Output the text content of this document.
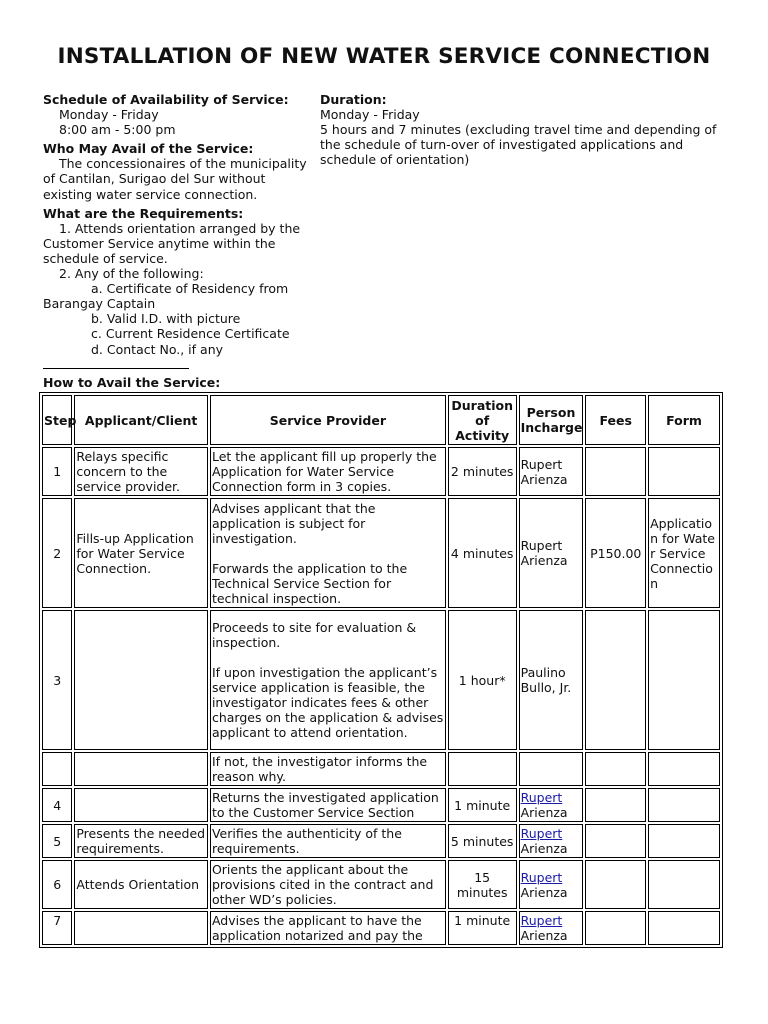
INSTALLATION OF NEW WATER SERVICE CONNECTION
Schedule of Availability of Service:
Monday - Friday
8:00 am - 5:00 pm
Who May Avail of the Service:
The concessionaires of the municipality of Cantilan, Surigao del Sur without existing water service connection.
What are the Requirements:
1. Attends orientation arranged by the Customer Service anytime within the schedule of service.
2. Any of the following:
a. Certificate of Residency from Barangay Captain
b. Valid I.D. with picture
c. Current Residence Certificate
d. Contact No., if any
Duration:
Monday - Friday
5 hours and 7 minutes (excluding travel time and depending of the schedule of turn-over of investigated applications and schedule of orientation)
How to Avail the Service:
Step	Applicant/Client	Service Provider	Duration of Activity	Person Incharge	Fees	Form
1	Relays specific concern to the service provider.	Let the applicant fill up properly the Application for Water Service Connection form in 3 copies.	2 minutes	Rupert Arienza		
2	Fills-up Application for Water Service Connection.	Advises applicant that the application is subject for investigation.
Forwards the application to the Technical Service Section for technical inspection.	4 minutes	Rupert Arienza	P150.00	Application for Water Service Connection
3		Proceeds to site for evaluation & inspection.
If upon investigation the applicant’s service application is feasible, the investigator indicates fees & other charges on the application & advises applicant to attend orientation.	1 hour*	Paulino Bullo, Jr.		
		If not, the investigator informs the reason why.				
4		Returns the investigated application to the Customer Service Section	1 minute	Rupert
Arienza		
5	Presents the needed requirements.	Verifies the authenticity of the requirements.	5 minutes	Rupert
Arienza		
6	Attends Orientation	Orients the applicant about the provisions cited in the contract and other WD’s policies.	15 minutes	Rupert
Arienza		
7		Advises the applicant to have the application notarized and pay the	1 minute	Rupert
Arienza		
